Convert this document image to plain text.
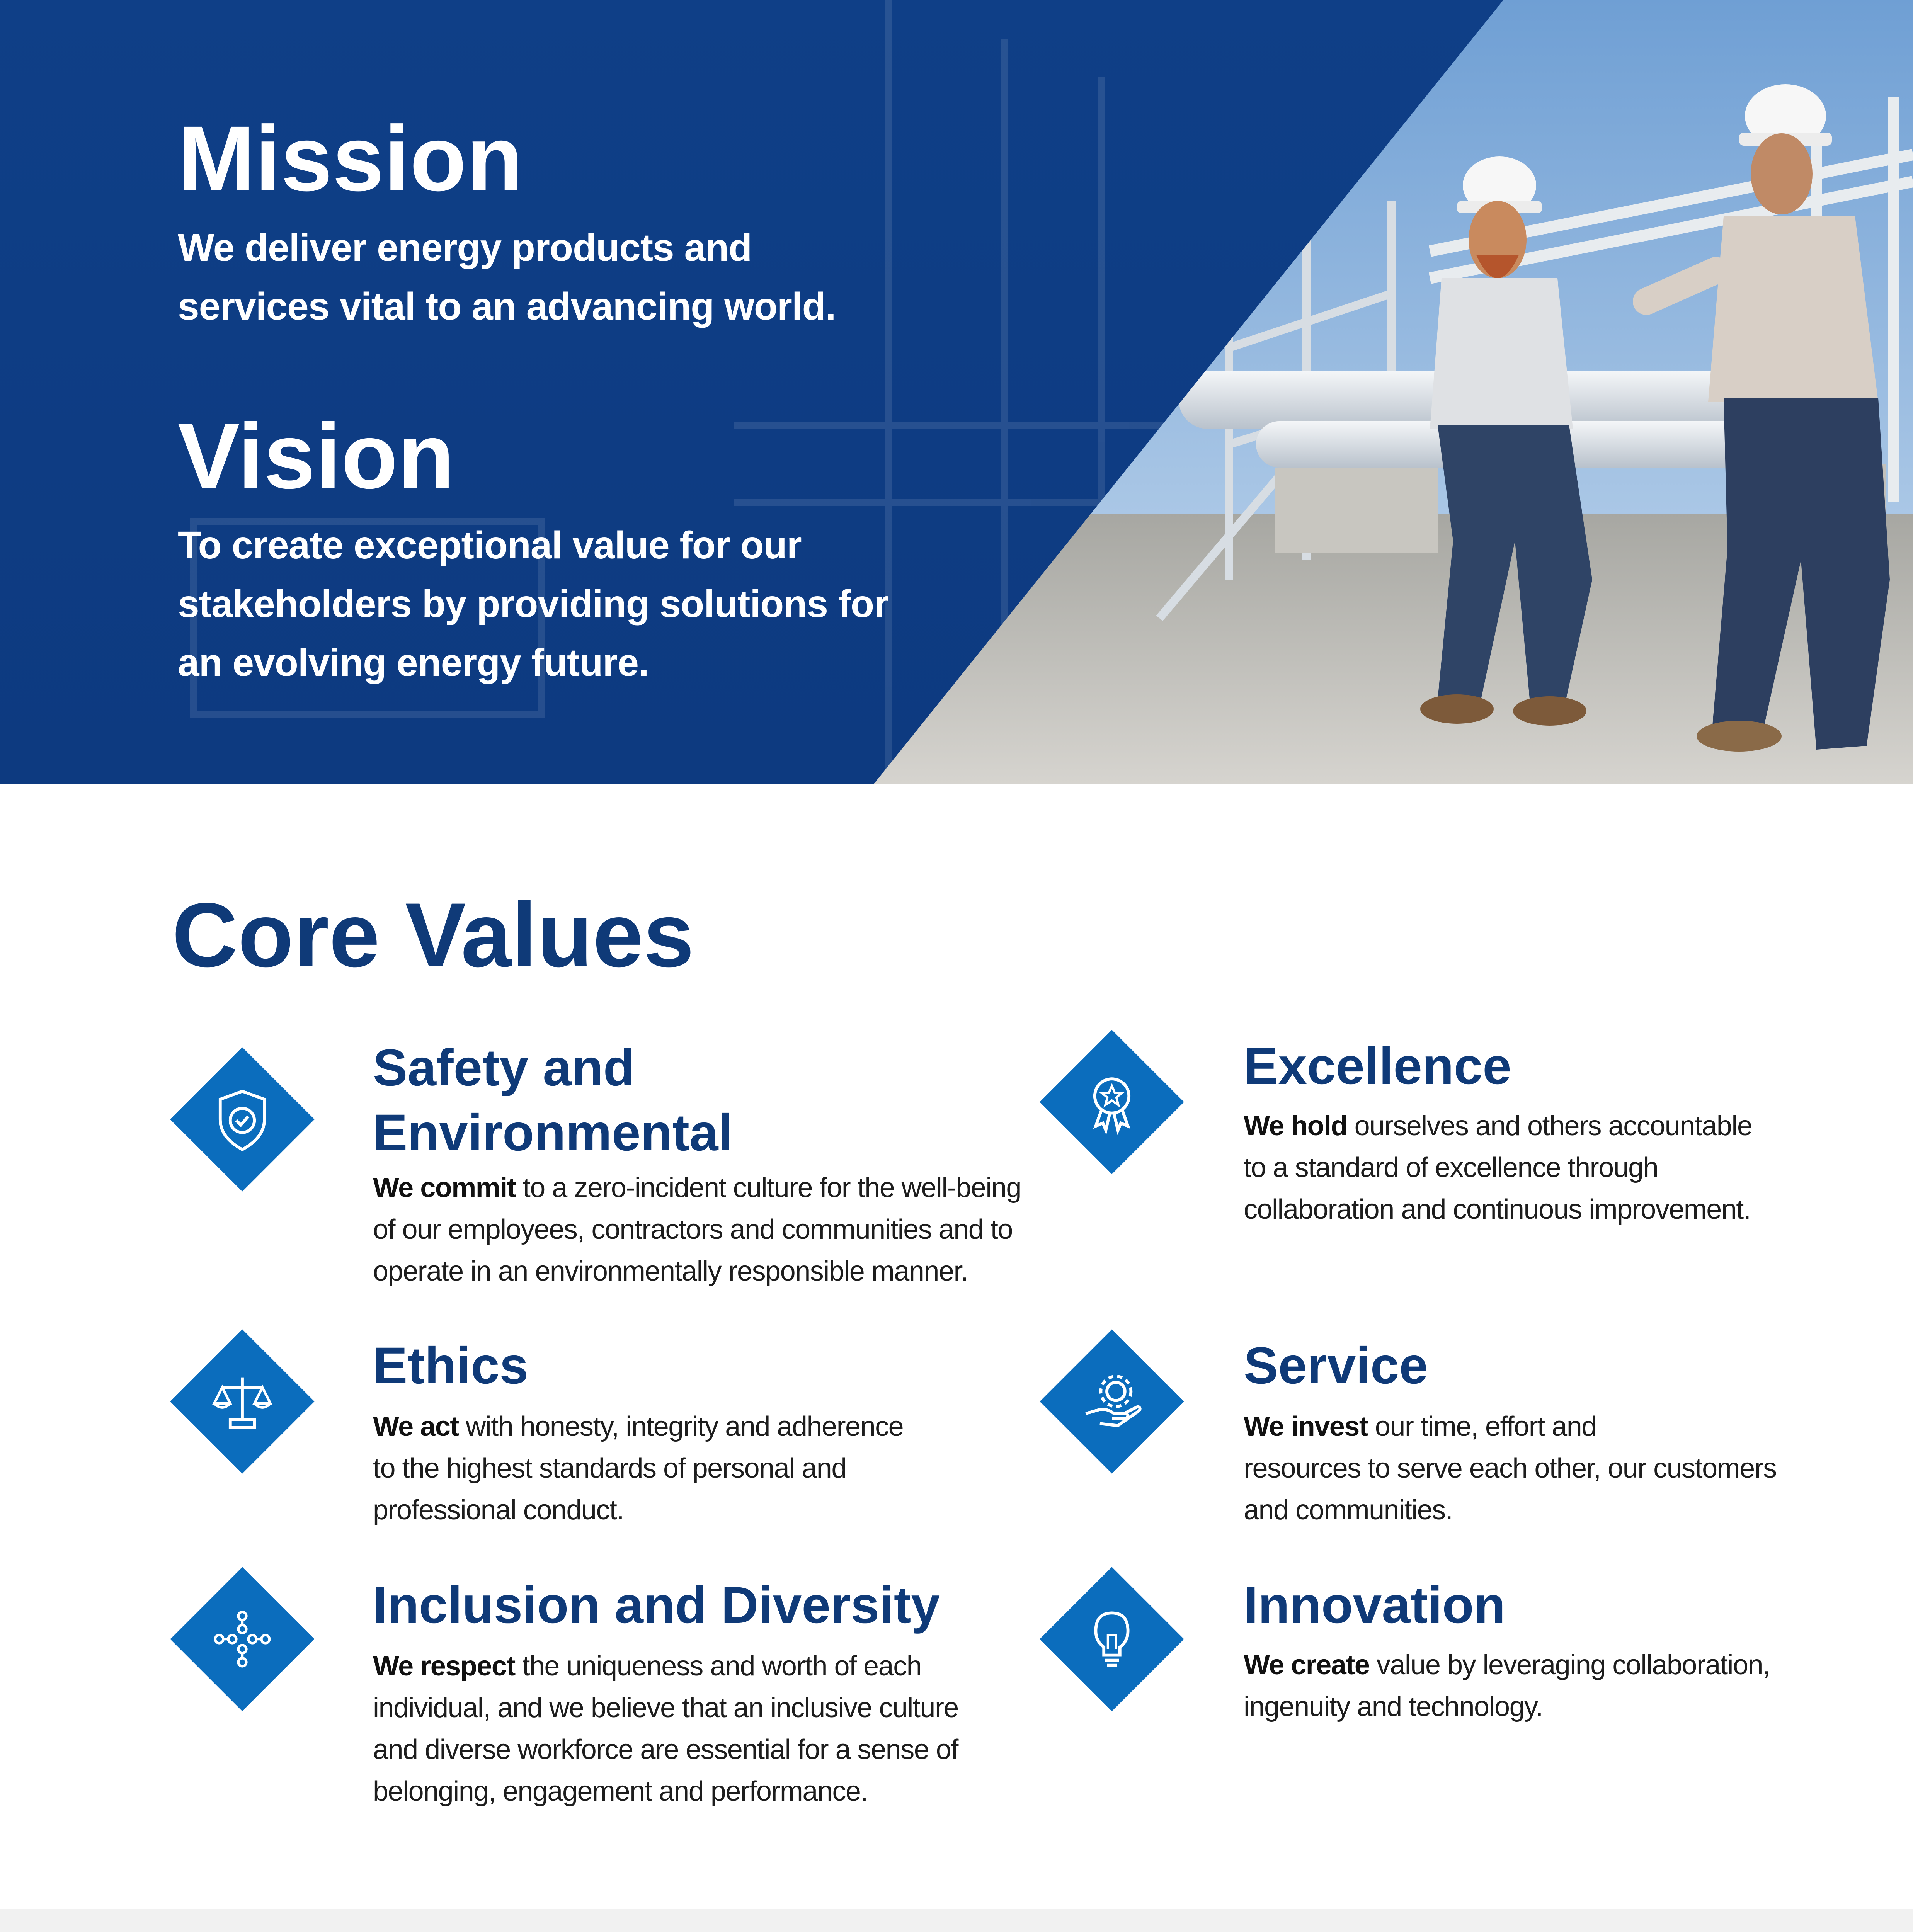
Mission

We deliver energy products and services vital to an advancing world.

Vision

To create exceptional value for our stakeholders by providing solutions for an evolving energy future.

Core Values
Safety and
Environmental

We commit to a zero-incident culture for the well-being
of our employees, contractors and communities and to
operate in an environmentally responsible manner.

Excellence

We hold ourselves and others accountable
to a standard of excellence through
collaboration and continuous improvement.

Ethics

We act with honesty, integrity and adherence
to the highest standards of personal and
professional conduct.

Service

We invest our time, effort and
resources to serve each other, our customers
and communities.

Inclusion and Diversity

We respect the uniqueness and worth of each
individual, and we believe that an inclusive culture
and diverse workforce are essential for a sense of
belonging, engagement and performance.

Innovation

We create value by leveraging collaboration,
ingenuity and technology.
